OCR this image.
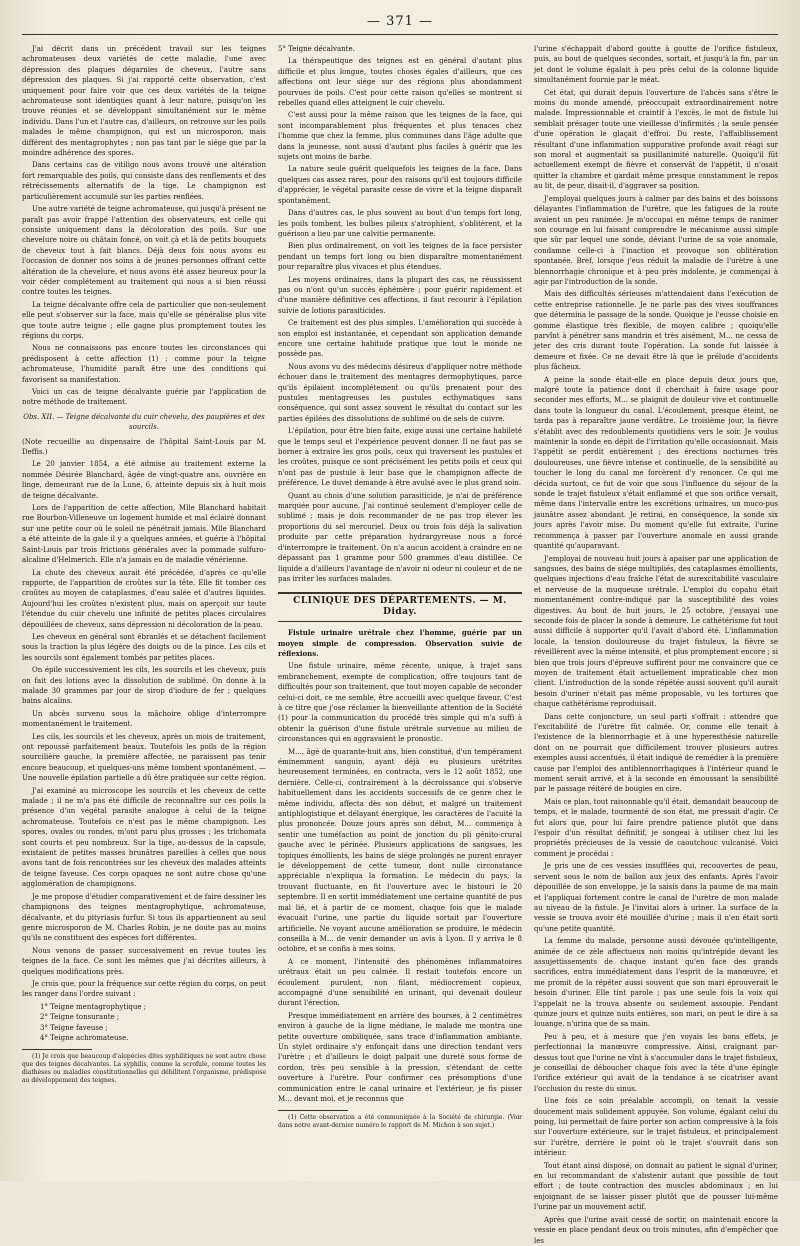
— 371 —

J'ai décrit dans un précédent travail sur les teignes achromateuses deux variétés de cette maladie, l'une avec dépression des plaques dégarnies de cheveux, l'autre sans dépression des plaques. Si j'ai rapporté cette observation, c'est uniquement pour faire voir que ces deux variétés de la teigne achromateuse sont identiques quant à leur nature, puisqu'on les trouve réunies et se développant simultanément sur le même individu. Dans l'un et l'autre cas, d'ailleurs, on retrouve sur les poils malades le même champignon, qui est un microsporon, mais différent des mentagrophytes ; non pas tant par le siége que par la moindre adhérence des spores.

Dans certains cas de vitiligo nous avons trouvé une altération fort remarquable des poils, qui consiste dans des renflements et des rétrécissements alternatifs de la tige. Le champignon est particulièrement accumulé sur les parties renflées.

Une autre variété de teigne achromateuse, qui jusqu'à présent ne paraît pas avoir frappé l'attention des observateurs, est celle qui consiste uniquement dans la décoloration des poils. Sur une chevelure noire ou châtain foncé, on voit çà et là de petits bouquets de cheveux tout à fait blancs. Déjà deux fois nous avons eu l'occasion de donner nos soins à de jeunes personnes offrant cette altération de la chevelure, et nous avons été assez heureux pour la voir céder complétement au traitement qui nous a si bien réussi contre toutes les teignes.

La teigne décalvante offre cela de particulier que non-seulement elle peut s'observer sur la face, mais qu'elle se généralise plus vite que toute autre teigne ; elle gagne plus promptement toutes les régions du corps.

Nous ne connaissons pas encore toutes les circonstances qui prédisposent à cette affection (1) ; comme pour la teigne achromateuse, l'humidité paraît être une des conditions qui favorisent sa manifestation.

Voici un cas de teigne décalvante guérie par l'application de notre méthode de traitement.

Obs. XII. — Teigne décalvante du cuir chevelu, des paupières et des sourcils.

(Note recueillie au dispensaire de l'hôpital Saint-Louis par M. Deffis.)

Le 20 janvier 1854, a été admise au traitement externe la nommée Désirée Blanchard, âgée de vingt-quatre ans, ouvrière en linge, demeurant rue de la Lune, 6, atteinte depuis six à huit mois de teigne décalvante.

Lors de l'apparition de cette affection, Mlle Blanchard habitait rue Bourbon-Villeneuve un logement humide et mal éclairé donnant sur une petite cour où le soleil ne pénétrait jamais. Mlle Blanchard a été atteinte de la gale il y a quelques années, et guérie à l'hôpital Saint-Louis par trois frictions générales avec la pommade sulfuro-alcaline d'Helmerich. Elle n'a jamais eu de maladie vénérienne.

La chute des cheveux aurait été précédée, d'après ce qu'elle rapporte, de l'apparition de croûtes sur la tête. Elle fit tomber ces croûtes au moyen de cataplasmes, d'eau salée et d'autres liquides. Aujourd'hui les croûtes n'existent plus, mais on aperçoit sur toute l'étendue du cuir chevelu une infinité de petites places circulaires dépouillées de cheveux, sans dépression ni décoloration de la peau.

Les cheveux en général sont ébranlés et se détachent facilement sous la traction la plus légère des doigts ou de la pince. Les cils et les sourcils sont également tombés par petites places.

On épile successivement les cils, les sourcils et les cheveux, puis on fait des lotions avec la dissolution de sublimé. On donne à la malade 30 grammes par jour de sirop d'iodure de fer ; quelques bains alcalins.

Un abcès survenu sous la mâchoire oblige d'interrompre momentanément le traitement.

Les cils, les sourcils et les cheveux, après un mois de traitement, ont repoussé parfaitement beaux. Toutefois les poils de la région sourcilière gauche, la première affectée, ne paraissent pas tenir encore beaucoup, et quelques-uns même tombent spontanément. — Une nouvelle épilation partielle a dû être pratiquée sur cette région.

J'ai examiné au microscope les sourcils et les cheveux de cette malade ; il ne m'a pas été difficile de reconnaître sur ces poils la présence d'un végétal parasite analogue à celui de la teigne achromateuse. Toutefois ce n'est pas le même champignon. Les spores, ovales ou rondes, m'ont paru plus grosses ; les trichomata sont courts et peu nombreux. Sur la tige, au-dessus de la capsule, existaient de petites masses brunâtres pareilles à celles que nous avons tant de fois rencontrées sur les cheveux des malades atteints de teigne faveuse. Ces corps opaques ne sont autre chose qu'une agglomération de champignons.

Je me propose d'étudier comparativement et de faire dessiner les champignons des teignes mentagrophytique, achromateuse, décalvante, et du pityriasis furfur. Si tous ils appartiennent au seul genre microsporon de M. Charles Robin, je ne doute pas au moins qu'ils ne constituent des espèces fort différentes.

Nous venons de passer successivement en revue toutes les teignes de la face. Ce sont les mêmes que j'ai décrites ailleurs, à quelques modifications près.

Je crois que, pour la fréquence sur cette région du corps, on peut les ranger dans l'ordre suivant :

1° Teigne mentagrophytique ;
2° Teigne tonsurante ;
3° Teigne faveuse ;
4° Teigne achromateuse.

(1) Je crois que beaucoup d'alopécies dites syphilitiques ne sont autre chose que des teignes décalvantes. La syphilis, comme la scrofule, comme toutes les diathèses ou maladies constitutionnelles qui débilitent l'organisme, prédispose au développement des teignes.

5° Teigne décalvante.

La thérapeutique des teignes est en général d'autant plus difficile et plus longue, toutes choses égales d'ailleurs, que ces affections ont leur siége sur des régions plus abondamment pourvues de poils. C'est pour cette raison qu'elles se montrent si rebelles quand elles atteignent le cuir chevelu.

C'est aussi pour la même raison que les teignes de la face, qui sont incomparablement plus fréquentes et plus tenaces chez l'homme que chez la femme, plus communes dans l'âge adulte que dans la jeunesse, sont aussi d'autant plus faciles à guérir que les sujets ont moins de barbe.

La nature seule guérit quelquefois les teignes de la face. Dans quelques cas assez rares, pour des raisons qu'il est toujours difficile d'apprécier, le végétal parasite cesse de vivre et la teigne disparaît spontanément.

Dans d'autres cas, le plus souvent au bout d'un temps fort long, les poils tombent, les bulbes pileux s'atrophient, s'oblitèrent, et la guérison a lieu par une calvitie permanente.

Bien plus ordinairement, on voit les teignes de la face persister pendant un temps fort long ou bien disparaître momentanément pour reparaître plus vivaces et plus étendues.

Les moyens ordinaires, dans la plupart des cas, ne réussissent pas ou n'ont qu'un succès éphémère ; pour guérir rapidement et d'une manière définitive ces affections, il faut recourir à l'épilation suivie de lotions parasiticides.

Ce traitement est des plus simples. L'amélioration qui succède à son emploi est instantanée, et cependant son application demande encore une certaine habitude pratique que tout le monde ne possède pas.

Nous avons vu des médecins désireux d'appliquer notre méthode échouer dans le traitement des mentagres dermophytiques, parce qu'ils épilaient incomplétement ou qu'ils prenaient pour des pustules mentagreuses les pustules ecthymatiques sans conséquence, qui sont assez souvent le résultat du contact sur les parties épilées des dissolutions de sublimé ou de sels de cuivre.

L'épilation, pour être bien faite, exige aussi une certaine habileté que le temps seul et l'expérience peuvent donner. Il ne faut pas se borner à extraire les gros poils, ceux qui traversent les pustules et les croûtes, puisque ce sont précisément les petits poils et ceux qui n'ont pas de pustule à leur base que le champignon affecte de préférence. Le duvet demande à être avulsé avec le plus grand soin.

Quant au choix d'une solution parasiticide, je n'ai de préférence marquée pour aucune. J'ai continué seulement d'employer celle de sublimé ; mais je dois recommander de ne pas trop élever les proportions du sel mercuriel. Deux ou trois fois déjà la salivation produite par cette préparation hydrargyreuse nous a forcé d'interrompre le traitement. On n'a aucun accident à craindre en ne dépassant pas 1 gramme pour 500 grammes d'eau distillée. Ce liquide a d'ailleurs l'avantage de n'avoir ni odeur ni couleur et de ne pas irriter les surfaces malades.

CLINIQUE DES DÉPARTEMENTS. — M. Diday.

Fistule urinaire urétrale chez l'homme, guérie par un moyen simple de compression. Observation suivie de réflexions.

Une fistule urinaire, même récente, unique, à trajet sans embranchement, exempte de complication, offre toujours tant de difficultés pour son traitement, que tout moyen capable de seconder celui-ci doit, ce me semble, être accueilli avec quelque faveur. C'est à ce titre que j'ose réclamer la bienveillante attention de la Société (1) pour la communication du procédé très simple qui m'a suffi à obtenir la guérison d'une fistule urétrale survenue au milieu de circonstances qui en aggravaient le pronostic.

M..., âgé de quarante-huit ans, bien constitué, d'un tempérament éminemment sanguin, ayant déjà eu plusieurs urétrites heureusement terminées, en contracta, vers le 12 août 1852, une dernière. Celle-ci, contrairement à la décroissance qui s'observe habituellement dans les accidents successifs de ce genre chez le même individu, affecta dès son début, et malgré un traitement antiphlogistique et délayant énergique, les caractères de l'acuité la plus prononcée. Douze jours après son début, M... commença à sentir une tuméfaction au point de jonction du pli génito-crural gauche avec le périnée. Plusieurs applications de sangsues, les topiques émollients, les bains de siége prolongés ne purent enrayer le développement de cette tumeur, dont nulle circonstance appréciable n'expliqua la formation. Le médecin du pays, la trouvant fluctuante, en fit l'ouverture avec le bistouri le 20 septembre. Il en sortit immédiatement une certaine quantité de pus mal lié, et à partir de ce moment, chaque fois que le malade évacuait l'urine, une partie du liquide sortait par l'ouverture artificielle. Ne voyant aucune amélioration se produire, le médecin conseilla à M... de venir demander un avis à Lyon. Il y arriva le 8 octobre, et se confia à mes soins.

A ce moment, l'intensité des phénomènes inflammatoires urétraux était un peu calmée. Il restait toutefois encore un écoulement purulent, non filant, médiocrement copieux, accompagné d'une sensibilité en urinant, qui devenait douleur durant l'érection.

Presque immédiatement en arrière des bourses, à 2 centimètres environ à gauche de la ligne médiane, le malade me montra une petite ouverture ombiliquée, sans trace d'inflammation ambiante. Un stylet ordinaire s'y enfonçait dans une direction tendant vers l'urètre ; et d'ailleurs le doigt palpait une dureté sous forme de cordon, très peu sensible à la pression, s'étendant de cette ouverture à l'urètre. Pour confirmer ces présomptions d'une communication entre le canal urinaire et l'extérieur, je fis pisser M... devant moi, et je reconnus que

(1) Cette observation a été communiquée à la Société de chirurgie. (Voir dans notre avant-dernier numéro le rapport de M. Michon à son sujet.)

l'urine s'échappait d'abord goutte à goutte de l'orifice fistuleux, puis, au bout de quelques secondes, sortait, et jusqu'à la fin, par un jet dont le volume égalait à peu près celui de la colonne liquide simultanément fournie par le méat.

Cet état, qui durait depuis l'ouverture de l'abcès sans s'être le moins du monde amendé, préoccupait extraordinairement notre malade. Impressionnable et craintif à l'excès, le mot de fistule lui semblait présager toute une vieillesse d'infirmités ; la seule pensée d'une opération le glaçait d'effroi. Du reste, l'affaiblissement résultant d'une inflammation suppurative profonde avait réagi sur son moral et augmentait sa pusillanimité naturelle. Quoiqu'il fût actuellement exempt de fièvre et conservât de l'appétit, il n'osait quitter la chambre et gardait même presque constamment le repos au lit, de peur, disait-il, d'aggraver sa position.

J'employai quelques jours à calmer par des bains et des boissons délayantes l'inflammation de l'urètre, que les fatigues de la route avaient un peu ranimée. Je m'occupai en même temps de ranimer son courage en lui faisant comprendre le mécanisme aussi simple que sûr par lequel une sonde, déviant l'urine de sa voie anomale, condamne celle-ci à l'inaction et provoque son oblitération spontanée. Bref, lorsque j'eus réduit la maladie de l'urètre à une blennorrhagie chronique et à peu près indolente, je commençai à agir par l'introduction de la sonde.

Mais des difficultés sérieuses m'attendaient dans l'exécution de cette entreprise rationnelle. Je ne parle pas des vives souffrances que détermina le passage de la sonde. Quoique je l'eusse choisie en gomme élastique très flexible, de moyen calibre ; quoiqu'elle parvînt à pénétrer sans mandrin et très aisément, M... ne cessa de jeter des cris durant toute l'opération. La sonde fut laissée à demeure et fixée. Ce ne devait être là que le prélude d'accidents plus fâcheux.

A peine la sonde était-elle en place depuis deux jours que, malgré toute la patience dont il cherchait à faire usage pour seconder mes efforts, M... se plaignit de douleur vive et continuelle dans toute la longueur du canal. L'écoulement, presque éteint, ne tarda pas à reparaître jaune verdâtre. Le troisième jour, la fièvre s'établit avec des redoublements quotidiens vers le soir. Je voulus maintenir la sonde en dépit de l'irritation qu'elle occasionnait. Mais l'appétit se perdit entièrement ; des érections nocturnes très douloureuses, une fièvre intense et continuelle, de la sensibilité au toucher le long du canal me forcèrent d'y renoncer. Ce qui me décida surtout, ce fut de voir que sous l'influence du séjour de la sonde le trajet fistuleux s'était enflammé et que son orifice versait, même dans l'intervalle entre les excrétions urinaires, un muco-pus jaunâtre assez abondant. Je retirai, en conséquence, la sonde six jours après l'avoir mise. Du moment qu'elle fut extraite, l'urine recommença à passer par l'ouverture anomale en aussi grande quantité qu'auparavant.

J'employai de nouveau huit jours à apaiser par une application de sangsues, des bains de siége multipliés, des cataplasmes émollients, quelques injections d'eau fraîche l'état de surexcitabilité vasculaire et nerveuse de la muqueuse urétrale. L'emploi du copahu était momentanément contre-indiqué par la susceptibilité des voies digestives. Au bout de huit jours, le 25 octobre, j'essayai une seconde fois de placer la sonde à demeure. Le cathétérisme fut tout aussi difficile à supporter qu'il l'avait d'abord été. L'inflammation locale, la tension douloureuse du trajet fistuleux, la fièvre se réveillèrent avec la même intensité, et plus promptement encore ; si bien que trois jours d'épreuve suffirent pour me convaincre que ce moyen de traitement était actuellement impraticable chez mon client. L'introduction de la sonde répétée aussi souvent qu'il aurait besoin d'uriner n'était pas même proposable, vu les tortures que chaque cathétérisme reproduisait.

Dans cette conjoncture, un seul parti s'offrait : attendre que l'excitabilité de l'urètre fût calmée. Or, comme elle tenait à l'existence de la blennorrhagie et à une hyperesthésie naturelle dont on ne pourrait que difficilement trouver plusieurs autres exemples aussi accentués, il était indiqué de remédier à la première cause par l'emploi des antiblennorrhagiques à l'intérieur quand le moment serait arrivé, et à la seconde en émoussant la sensibilité par le passage réitéré de bougies en cire.

Mais ce plan, tout raisonnable qu'il était, demandait beaucoup de temps, et le malade, tourmenté de son état, me pressait d'agir. Ce fut alors que, pour lui faire prendre patience plutôt que dans l'espoir d'un résultat définitif, je songeai à utiliser chez lui les propriétés précieuses de la vessie de caoutchouc vulcanisé. Voici comment je procédai :

Je pris une de ces vessies insufflées qui, recouvertes de peau, servent sous le nom de ballon aux jeux des enfants. Après l'avoir dépouillée de son enveloppe, je la saisis dans la paume de ma main et l'appliquai fortement contre le canal de l'urètre de mon malade au niveau de la fistule. Je l'invitai alors à uriner. La surface de la vessie se trouva avoir été mouillée d'urine ; mais il n'en était sorti qu'une petite quantité.

La femme du malade, personne aussi dévouée qu'intelligente, animée de ce zèle affectueux non moins qu'intrépide devant les assujettissements de chaque instant qu'en face des grands sacrifices, entra immédiatement dans l'esprit de la manœuvre, et me promit de la répéter aussi souvent que son mari éprouverait le besoin d'uriner. Elle tint parole ; pas une seule fois la voix qui l'appelait ne la trouva absente ou seulement assoupie. Pendant quinze jours et quinze nuits entières, son mari, on peut le dire à sa louange, n'urina que de sa main.

Peu à peu, et à mesure que j'en voyais les bons effets, je perfectionnai la manœuvre compressive. Ainsi, craignant par-dessus tout que l'urine ne vînt à s'accumuler dans le trajet fistuleux, je conseillai de déboucher chaque fois avec la tête d'une épingle l'orifice extérieur qui avait de la tendance à se cicatriser avant l'occlusion du reste du sinus.

Une fois ce soin préalable accompli, on tenait la vessie doucement mais solidement appuyée. Son volume, égalant celui du poing, lui permettait de faire porter son action compressive à la fois sur l'ouverture extérieure, sur le trajet fistuleux, et principalement sur l'urètre, derrière le point où le trajet s'ouvrait dans son intérieur.

Tout étant ainsi disposé, on donnait au patient le signal d'uriner, en lui recommandant de s'abstenir autant que possible de tout effort ; de toute contraction des muscles abdominaux ; en lui enjoignant de se laisser pisser plutôt que de pousser lui-même l'urine par un mouvement actif.

Après que l'urine avait cessé de sortir, on maintenait encore la vessie en place pendant deux ou trois minutes, afin d'empêcher que les
